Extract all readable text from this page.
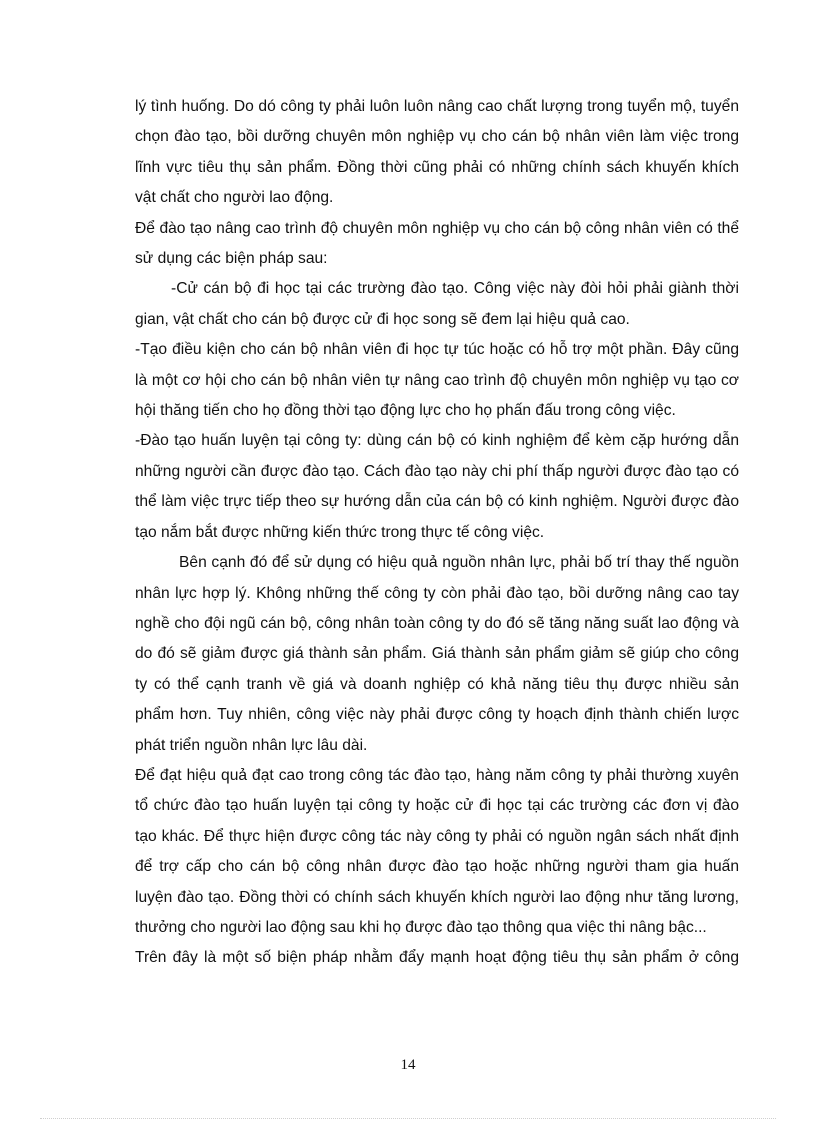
lý tình huống. Do dó công ty phải luôn luôn nâng cao chất lượng trong tuyển mộ, tuyển chọn đào tạo, bồi dưỡng chuyên môn nghiệp vụ cho cán bộ nhân viên làm việc trong lĩnh vực tiêu thụ sản phẩm. Đồng thời cũng phải có những chính sách khuyến khích vật chất cho người lao động.

Để đào tạo nâng cao trình độ chuyên môn nghiệp vụ cho cán bộ công nhân viên có thể sử dụng các biện pháp sau:

-Cử cán bộ đi học tại các trường đào tạo. Công việc này đòi hỏi phải giành thời gian, vật chất cho cán bộ được cử đi học song sẽ đem lại hiệu quả cao.

-Tạo điều kiện cho cán bộ nhân viên đi học tự túc hoặc có hỗ trợ một phần. Đây cũng là một cơ hội cho cán bộ nhân viên tự nâng cao trình độ chuyên môn nghiệp vụ tạo cơ hội thăng tiến cho họ đồng thời tạo động lực cho họ phấn đấu trong công việc.

-Đào tạo huấn luyện tại công ty: dùng cán bộ có kinh nghiệm để kèm cặp hướng dẫn những người cần được đào tạo. Cách đào tạo này chi phí thấp người được đào tạo có thể làm việc trực tiếp theo sự hướng dẫn của cán bộ có kinh nghiệm. Người được đào tạo nắm bắt được những kiến thức trong thực tế công việc.

Bên cạnh đó để sử dụng có hiệu quả nguồn nhân lực, phải bố trí thay thế nguồn nhân lực hợp lý. Không những thế công ty còn phải đào tạo, bồi dưỡng nâng cao tay nghề cho đội ngũ cán bộ, công nhân toàn công ty do đó sẽ tăng năng suất lao động và do đó sẽ giảm được giá thành sản phẩm. Giá thành sản phẩm giảm sẽ giúp cho công ty có thể cạnh tranh về giá và doanh nghiệp có khả năng tiêu thụ được nhiều sản phẩm hơn. Tuy nhiên, công việc này phải được công ty hoạch định thành chiến lược phát triển nguồn nhân lực lâu dài.

Để đạt hiệu quả đạt cao trong công tác đào tạo, hàng năm công ty phải thường xuyên tổ chức đào tạo huấn luyện tại công ty hoặc cử đi học tại các trường các đơn vị đào tạo khác. Để thực hiện được công tác này công ty phải có nguồn ngân sách nhất định để trợ cấp cho cán bộ công nhân được đào tạo hoặc những người tham gia huấn luyện đào tạo. Đồng thời có chính sách khuyến khích người lao động như tăng lương, thưởng cho người lao động sau khi họ được đào tạo thông qua việc thi nâng bậc...

Trên đây là một số biện pháp nhằm đẩy mạnh hoạt động tiêu thụ sản phẩm ở công

14
